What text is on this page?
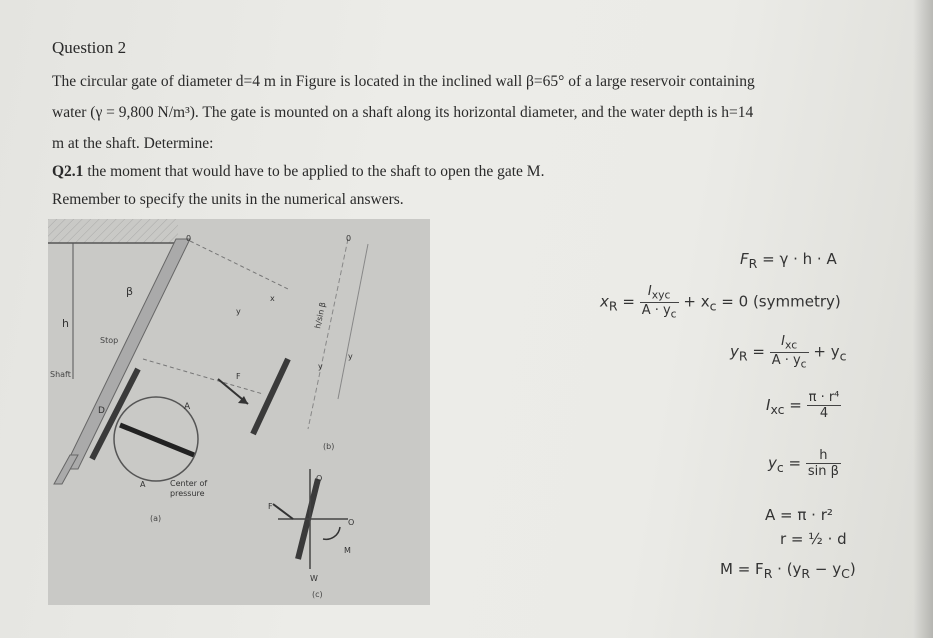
Question 2
The circular gate of diameter d=4 m in Figure is located in the inclined wall β=65° of a large reservoir containing
water (γ = 9,800 N/m³). The gate is mounted on a shaft along its horizontal diameter, and the water depth is h=14
m at the shaft. Determine:
Q2.1 the moment that would have to be applied to the shaft to open the gate M.
Remember to specify the units in the numerical answers.
h
β
Stop
Shaft
D	A
A	Center of
pressure
(a)
(b)
(c)
0	0
x
y
F
F
O
O
W
M
h/sin β
y
y
$F_R = \gamma \cdot h \cdot A$
$x_R = \frac{I_{xyc}}{A \cdot y_c} + x_c = 0$ (symmetry)
$y_R = \frac{I_{xc}}{A \cdot y_c} + y_c$
$I_{xc} = \frac{\text{π · r⁴}}{4}$
$y_c = \frac{h}{\text{sin β}}$
A = π · r²
r = ½ · d
$M = F_R \cdot (y_R - y_C)$
